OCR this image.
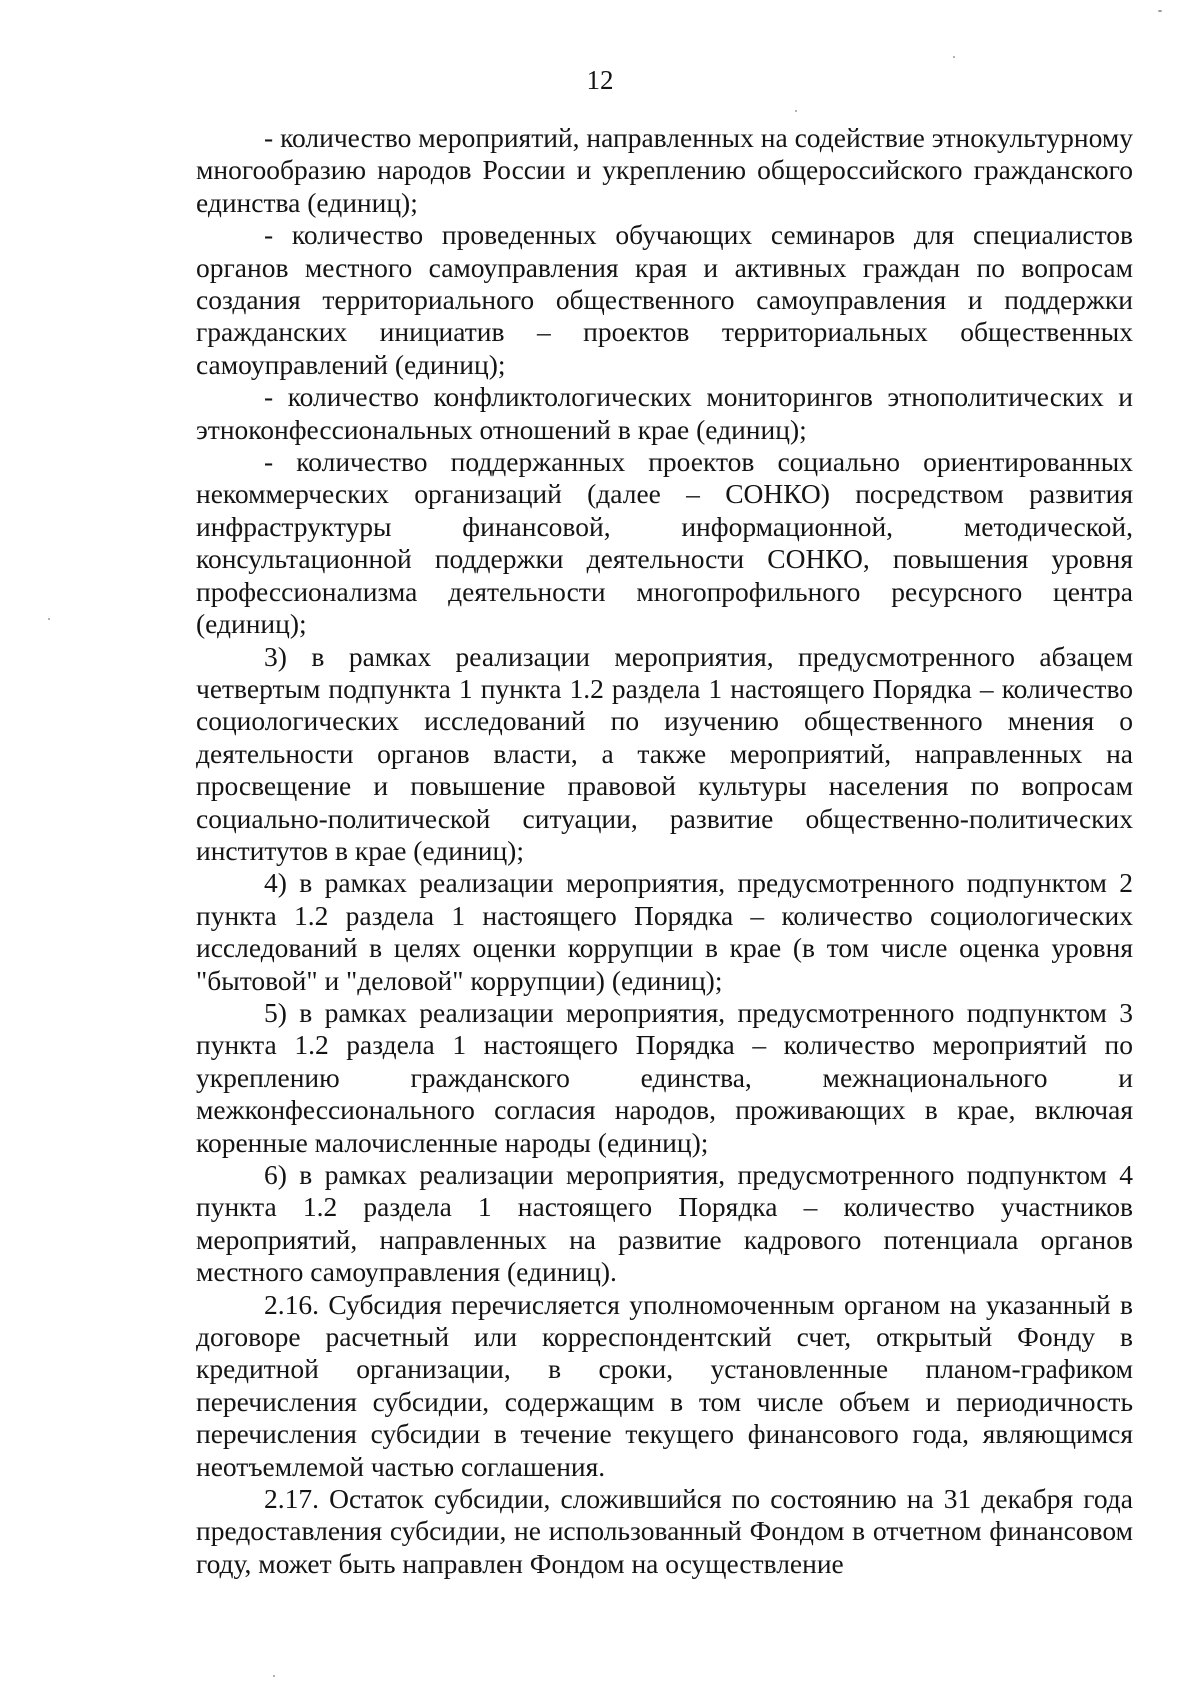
12

- количество мероприятий, направленных на содействие этнокультурному многообразию народов России и укреплению общероссийского гражданского единства (единиц);

- количество проведенных обучающих семинаров для специалистов органов местного самоуправления края и активных граждан по вопросам создания территориального общественного самоуправления и поддержки гражданских инициатив – проектов территориальных общественных самоуправлений (единиц);

- количество конфликтологических мониторингов этнополитических и этноконфессиональных отношений в крае (единиц);

- количество поддержанных проектов социально ориентированных некоммерческих организаций (далее – СОНКО) посредством развития инфраструктуры финансовой, информационной, методической, консультационной поддержки деятельности СОНКО, повышения уровня профессионализма деятельности многопрофильного ресурсного центра (единиц);

3) в рамках реализации мероприятия, предусмотренного абзацем четвертым подпункта 1 пункта 1.2 раздела 1 настоящего Порядка – количество социологических исследований по изучению общественного мнения о деятельности органов власти, а также мероприятий, направленных на просвещение и повышение правовой культуры населения по вопросам социально-политической ситуации, развитие общественно-политических институтов в крае (единиц);

4) в рамках реализации мероприятия, предусмотренного подпунктом 2 пункта 1.2 раздела 1 настоящего Порядка – количество социологических исследований в целях оценки коррупции в крае (в том числе оценка уровня "бытовой" и "деловой" коррупции) (единиц);

5) в рамках реализации мероприятия, предусмотренного подпунктом 3 пункта 1.2 раздела 1 настоящего Порядка – количество мероприятий по укреплению гражданского единства, межнационального и межконфессионального согласия народов, проживающих в крае, включая коренные малочисленные народы (единиц);

6) в рамках реализации мероприятия, предусмотренного подпунктом 4 пункта 1.2 раздела 1 настоящего Порядка – количество участников мероприятий, направленных на развитие кадрового потенциала органов местного самоуправления (единиц).

2.16. Субсидия перечисляется уполномоченным органом на указанный в договоре расчетный или корреспондентский счет, открытый Фонду в кредитной организации, в сроки, установленные планом-графиком перечисления субсидии, содержащим в том числе объем и периодичность перечисления субсидии в течение текущего финансового года, являющимся неотъемлемой частью соглашения.

2.17. Остаток субсидии, сложившийся по состоянию на 31 декабря года предоставления субсидии, не использованный Фондом в отчетном финансовом году, может быть направлен Фондом на осуществление
